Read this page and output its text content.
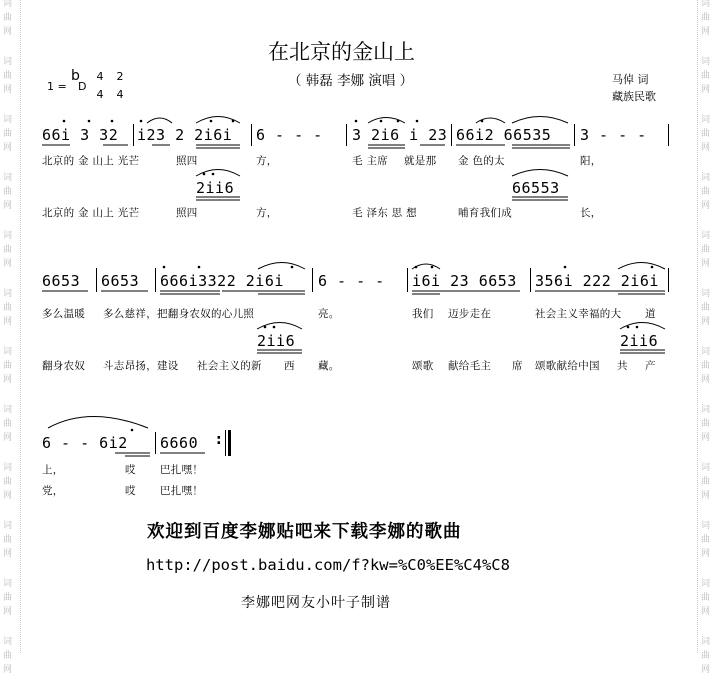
词
曲
网
词
曲
网
词
曲
网
词
曲
网
词
曲
网
词
曲
网
词
曲
网
词
曲
网
词
曲
网
词
曲
网
词
曲
网
词
曲
网
词
曲
网
词
曲
网
词
曲
网
词
曲
网
词
曲
网
词
曲
网
词
曲
网
词
曲
网
词
曲
网
词
曲
网
词
曲
网
词
曲
网
在北京的金山上
（ 韩磊 李娜 演唱 ）	马倬 词
藏族民歌
1 =
b
D
4
4
2
4
66i 3 32 i23 2 2i6i 6 - - - 3 2i6 i 23 66i2 66535 3 - - -
北京的 金 山上 光芒	照四	方，	毛 主席 就是那 金 色的太	阳，
2ii6	66553
北京的 金 山上 光芒	照四	方，	毛 泽东 思 想	哺育我们成	长，
6653 6653 666i3322 2i6i 6 - - - i6i 23 6653 356i 222 2i6i
多么温暖 多么慈祥，把翻身农奴的心儿照	亮。	我们 迈步走在	社会主义幸福的大 道
2ii6	2ii6
翻身农奴 斗志昂扬，建设 社会主义的新 西 藏。	颂歌 献给毛主 席 颂歌献给中国 共 产
6 - - 6i2 6660 :
上，	哎 巴扎嘿！
党，	哎 巴扎嘿！
欢迎到百度李娜贴吧来下载李娜的歌曲
http://post.baidu.com/f?kw=%C0%EE%C4%C8
李娜吧网友小叶子制谱
